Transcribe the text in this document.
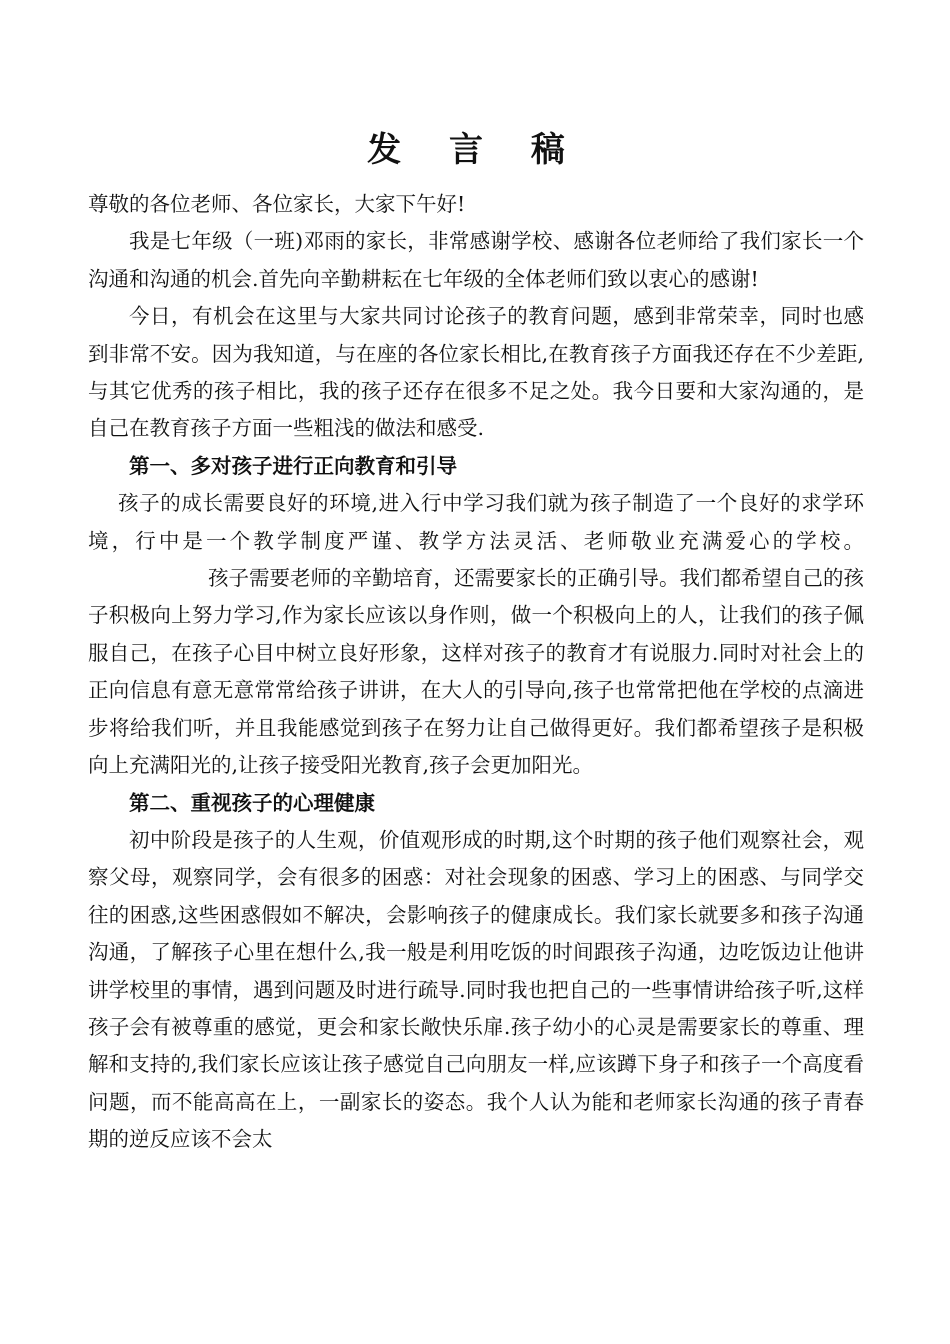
发 言 稿

尊敬的各位老师、各位家长，大家下午好!

我是七年级（一班)邓雨的家长，非常感谢学校、感谢各位老师给了我们家长一个沟通和沟通的机会.首先向辛勤耕耘在七年级的全体老师们致以衷心的感谢!

今日，有机会在这里与大家共同讨论孩子的教育问题，感到非常荣幸，同时也感到非常不安。因为我知道，与在座的各位家长相比,在教育孩子方面我还存在不少差距,与其它优秀的孩子相比，我的孩子还存在很多不足之处。我今日要和大家沟通的，是自己在教育孩子方面一些粗浅的做法和感受.

第一、多对孩子进行正向教育和引导

孩子的成长需要良好的环境,进入行中学习我们就为孩子制造了一个良好的求学环境，行中是一个教学制度严谨、教学方法灵活、老师敬业充满爱心的学校。孩子需要老师的辛勤培育，还需要家长的正确引导。我们都希望自己的孩子积极向上努力学习,作为家长应该以身作则，做一个积极向上的人，让我们的孩子佩服自己，在孩子心目中树立良好形象，这样对孩子的教育才有说服力.同时对社会上的正向信息有意无意常常给孩子讲讲，在大人的引导向,孩子也常常把他在学校的点滴进步将给我们听，并且我能感觉到孩子在努力让自己做得更好。我们都希望孩子是积极向上充满阳光的,让孩子接受阳光教育,孩子会更加阳光。

第二、重视孩子的心理健康

初中阶段是孩子的人生观，价值观形成的时期,这个时期的孩子他们观察社会，观察父母，观察同学，会有很多的困惑：对社会现象的困惑、学习上的困惑、与同学交往的困惑,这些困惑假如不解决，会影响孩子的健康成长。我们家长就要多和孩子沟通沟通，了解孩子心里在想什么,我一般是利用吃饭的时间跟孩子沟通，边吃饭边让他讲讲学校里的事情，遇到问题及时进行疏导.同时我也把自己的一些事情讲给孩子听,这样孩子会有被尊重的感觉，更会和家长敞快乐扉.孩子幼小的心灵是需要家长的尊重、理解和支持的,我们家长应该让孩子感觉自己向朋友一样,应该蹲下身子和孩子一个高度看问题，而不能高高在上，一副家长的姿态。我个人认为能和老师家长沟通的孩子青春期的逆反应该不会太
